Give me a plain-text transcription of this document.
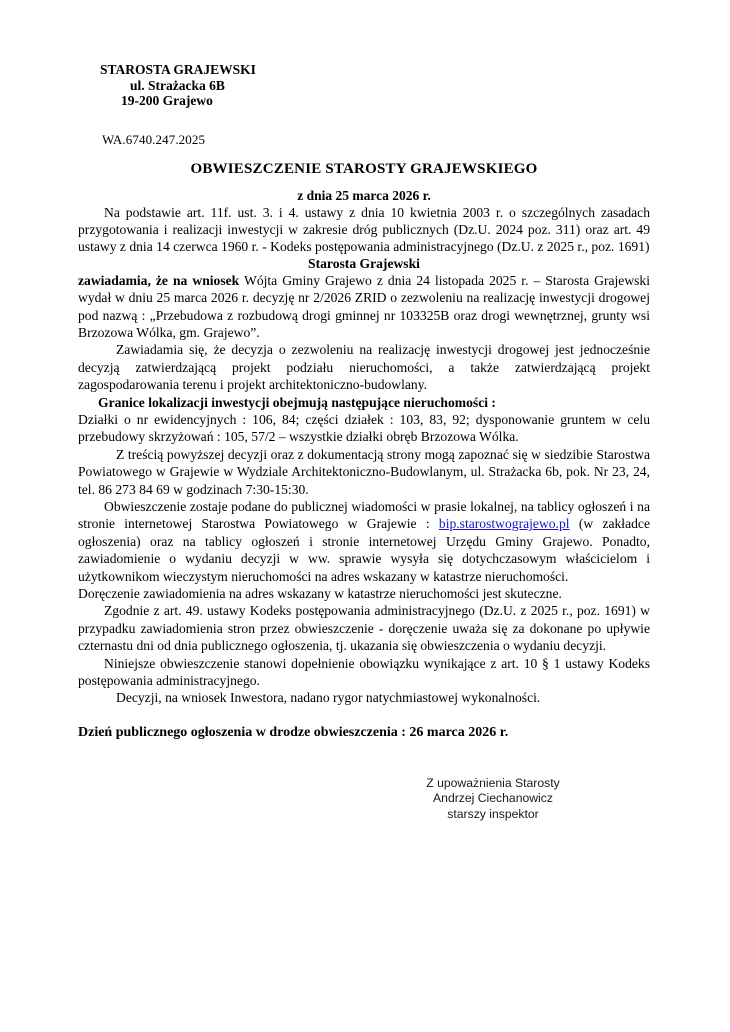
STAROSTA GRAJEWSKI
ul. Strażacka 6B
19-200 Grajewo
WA.6740.247.2025
OBWIESZCZENIE STAROSTY GRAJEWSKIEGO
z dnia 25 marca 2026 r.

Na podstawie art. 11f. ust. 3. i 4. ustawy z dnia 10 kwietnia 2003 r. o szczególnych zasadach przygotowania i realizacji inwestycji w zakresie dróg publicznych (Dz.U. 2024 poz. 311) oraz art. 49 ustawy z dnia 14 czerwca 1960 r. - Kodeks postępowania administracyjnego (Dz.U. z 2025 r., poz. 1691)

Starosta Grajewski

zawiadamia, że na wniosek Wójta Gminy Grajewo z dnia 24 listopada 2025 r. – Starosta Grajewski wydał w dniu 25 marca 2026 r. decyzję nr 2/2026 ZRID o zezwoleniu na realizację inwestycji drogowej pod nazwą : „Przebudowa z rozbudową drogi gminnej nr 103325B oraz drogi wewnętrznej, grunty wsi Brzozowa Wólka, gm. Grajewo”.

Zawiadamia się, że decyzja o zezwoleniu na realizację inwestycji drogowej jest jednocześnie decyzją zatwierdzającą projekt podziału nieruchomości, a także zatwierdzającą projekt zagospodarowania terenu i projekt architektoniczno-budowlany.

Granice lokalizacji inwestycji obejmują następujące nieruchomości :

Działki o nr ewidencyjnych : 106, 84; części działek : 103, 83, 92; dysponowanie gruntem w celu przebudowy skrzyżowań : 105, 57/2 – wszystkie działki obręb Brzozowa Wólka.

Z treścią powyższej decyzji oraz z dokumentacją strony mogą zapoznać się w siedzibie Starostwa Powiatowego w Grajewie w Wydziale Architektoniczno-Budowlanym, ul. Strażacka 6b, pok. Nr 23, 24, tel. 86 273 84 69 w godzinach 7:30-15:30.

Obwieszczenie zostaje podane do publicznej wiadomości w prasie lokalnej, na tablicy ogłoszeń i na stronie internetowej Starostwa Powiatowego w Grajewie : bip.starostwograjewo.pl (w zakładce ogłoszenia) oraz na tablicy ogłoszeń i stronie internetowej Urzędu Gminy Grajewo. Ponadto, zawiadomienie o wydaniu decyzji w ww. sprawie wysyła się dotychczasowym właścicielom i użytkownikom wieczystym nieruchomości na adres wskazany w katastrze nieruchomości.

Doręczenie zawiadomienia na adres wskazany w katastrze nieruchomości jest skuteczne.

Zgodnie z art. 49. ustawy Kodeks postępowania administracyjnego (Dz.U. z 2025 r., poz. 1691) w przypadku zawiadomienia stron przez obwieszczenie - doręczenie uważa się za dokonane po upływie czternastu dni od dnia publicznego ogłoszenia, tj. ukazania się obwieszczenia o wydaniu decyzji.

Niniejsze obwieszczenie stanowi dopełnienie obowiązku wynikające z art. 10 § 1 ustawy Kodeks postępowania administracyjnego.

Decyzji, na wniosek Inwestora, nadano rygor natychmiastowej wykonalności.

Dzień publicznego ogłoszenia w drodze obwieszczenia : 26 marca 2026 r.

Z upoważnienia Starosty
Andrzej Ciechanowicz
starszy inspektor
